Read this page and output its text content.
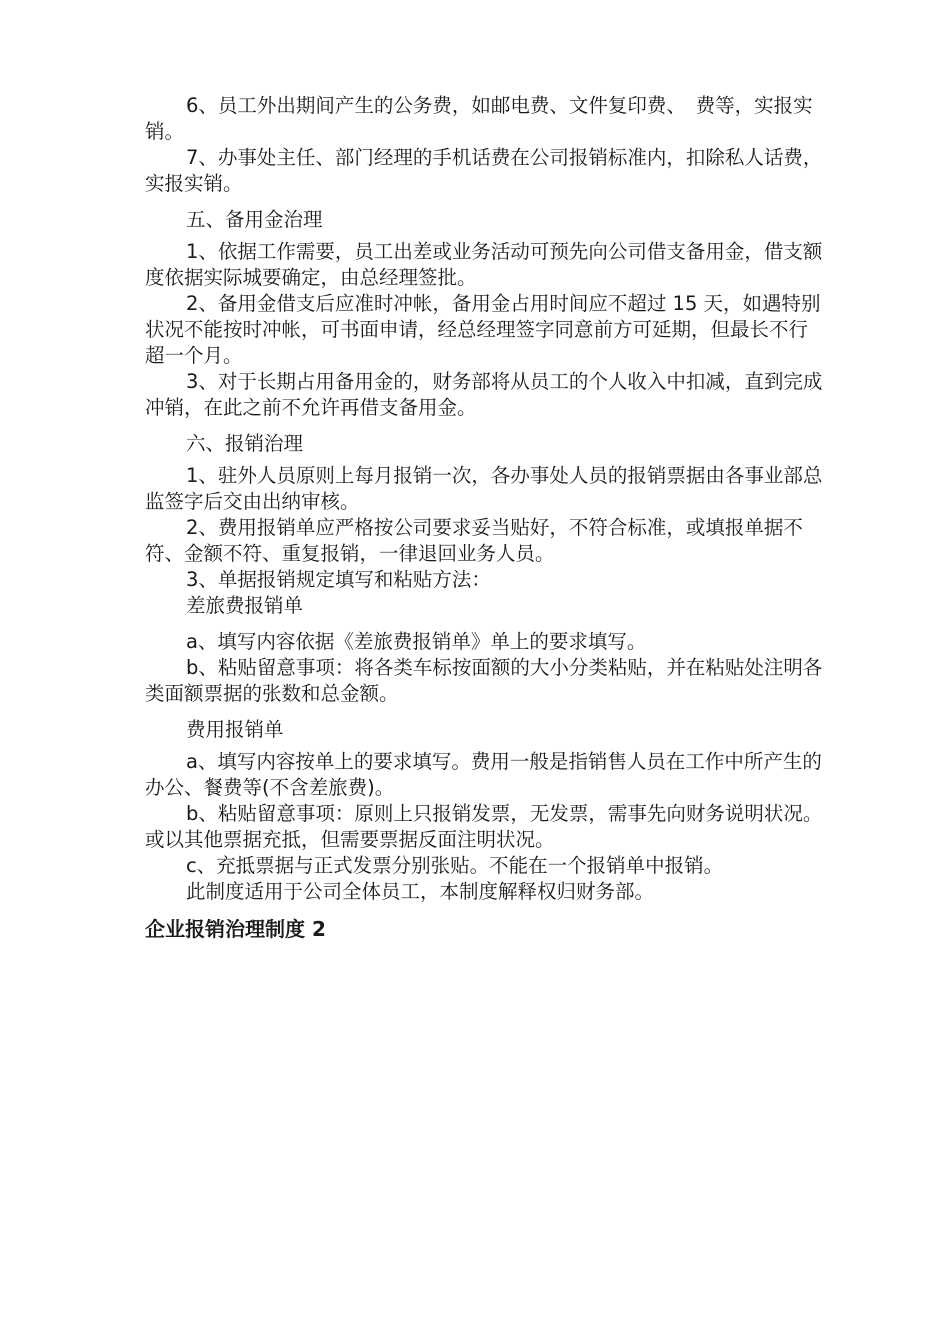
6、员工外出期间产生的公务费，如邮电费、文件复印费、　费等，实报实销。

7、办事处主任、部门经理的手机话费在公司报销标准内，扣除私人话费，实报实销。

五、备用金治理

1、依据工作需要，员工出差或业务活动可预先向公司借支备用金，借支额度依据实际城要确定，由总经理签批。

2、备用金借支后应准时冲帐，备用金占用时间应不超过 15 天，如遇特别状况不能按时冲帐，可书面申请，经总经理签字同意前方可延期，但最长不行超一个月。

3、对于长期占用备用金的，财务部将从员工的个人收入中扣减，直到完成冲销，在此之前不允许再借支备用金。

六、报销治理

1、驻外人员原则上每月报销一次，各办事处人员的报销票据由各事业部总监签字后交由出纳审核。

2、费用报销单应严格按公司要求妥当贴好，不符合标准，或填报单据不符、金额不符、重复报销，一律退回业务人员。

3、单据报销规定填写和粘贴方法：

差旅费报销单

a、填写内容依据《差旅费报销单》单上的要求填写。

b、粘贴留意事项：将各类车标按面额的大小分类粘贴，并在粘贴处注明各类面额票据的张数和总金额。

费用报销单

a、填写内容按单上的要求填写。费用一般是指销售人员在工作中所产生的办公、餐费等(不含差旅费)。

b、粘贴留意事项：原则上只报销发票，无发票，需事先向财务说明状况。或以其他票据充抵，但需要票据反面注明状况。

c、充抵票据与正式发票分别张贴。不能在一个报销单中报销。

此制度适用于公司全体员工，本制度解释权归财务部。

企业报销治理制度 2
